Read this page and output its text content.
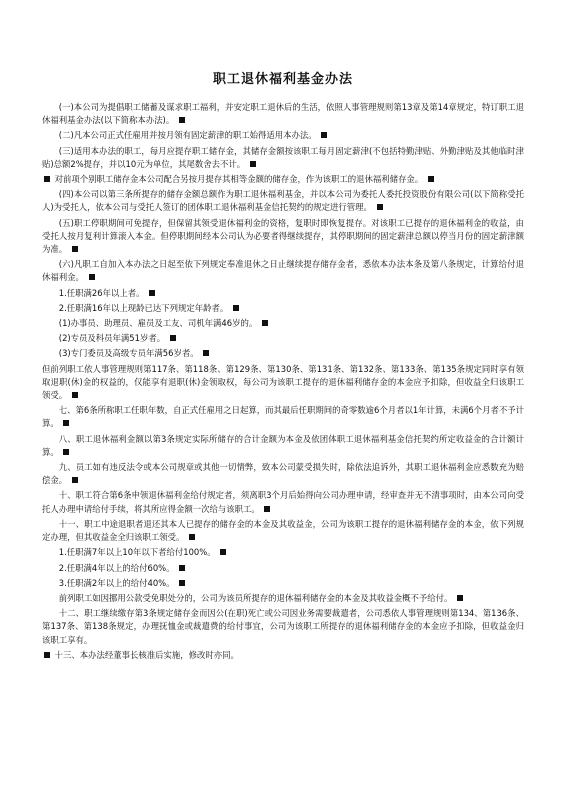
职工退休福利基金办法

(一)本公司为提倡职工储蓄及谋求职工福利，并安定职工退休后的生活，依照人事管理规则第13章及第14章规定，特订职工退休福利基金办法(以下简称本办法)。

(二)凡本公司正式任雇用并按月领有固定薪津的职工始得适用本办法。

(三)适用本办法的职工，每月应提存职工储存金，其储存金额按该职工每月固定薪津(不包括特勤津贴、外勤津贴及其他临时津贴)总额2%提存，并以10元为单位，其尾数舍去不计。

对前项个别职工储存金本公司配合另按月提存其相等金额的储存金，作为该职工的退休福利储存金。

(四)本公司以第三条所提存的储存金额总额作为职工退休福利基金，并以本公司为委托人委托投资股份有限公司(以下简称受托人)为受托人，依本公司与受托人签订的团体职工退休福利基金信托契约的规定进行管理。

(五)职工停职期间可免提存，但保留其领受退休福利金的资格，复职时即恢复提存。对该职工已提存的退休福利金的收益，由受托人按月复利计算滚入本金。但停职期间经本公司认为必要者得继续提存，其停职期间的固定薪津总额以停当月份的固定薪津额为准。

(六)凡职工自加入本办法之日起至依下列规定奉准退休之日止继续提存储存金者，悉依本办法本条及第八条规定，计算给付退休福利金。

1.任职满26年以上者。

2.任职满16年以上现龄已达下列规定年龄者。

(1)办事员、助理员、雇员及工友、司机年满46岁的。

(2)专员及科员年满51岁者。

(3)专门委员及高级专员年满56岁者。

但前列职工依人事管理规则第117条、第118条、第129条、第130条、第131条、第132条、第133条、第135条规定同时享有领取退职(休)金的权益的，仅能享有退职(休)金领取权，每公司为该职工提存的退休福利储存金的本金应予扣除，但收益全归该职工领受。

七、第6条所称职工任职年数，自正式任雇用之日起算，而其最后任职期间的奇零数逾6个月者以1年计算，未满6个月者不予计算。

八、职工退休福利金额以第3条规定实际所储存的合计金额为本金及依团体职工退休福利基金信托契约所定收益金的合计额计算。

九、员工如有违反法令或本公司规章或其他一切情弊，致本公司蒙受损失时，除依法追诉外，其职工退休福利金应悉数充为赔偿金。

十、职工符合第6条申领退休福利金给付规定者，须离职3个月后始得向公司办理申请，经审查并无不清事项时，由本公司向受托人办理申请给付手续，将其所应得金额一次给与该职工。

十一、职工中途退职者退还其本人已提存的储存金的本金及其收益金，公司为该职工提存的退休福利储存金的本金，依下列规定办理，但其收益金全归该职工领受。

1.任职满7年以上10年以下者给付100%。

2.任职满4年以上的给付60%。

3.任职满2年以上的给付40%。

前列职工如因挪用公款受免职处分的，公司为该员所提存的退休福利储存金的本金及其收益金概不予给付。

十二、职工继续缴存第3条规定储存金而因公(在职)死亡或公司因业务需要裁遣者，公司悉依人事管理规则第134、第136条、第137条、第138条规定，办理抚恤金或裁遣费的给付事宜，公司为该职工所提存的退休福利储存金的本金应予扣除，但收益金归该职工享有。

十三、本办法经董事长核准后实施，修改时亦同。
